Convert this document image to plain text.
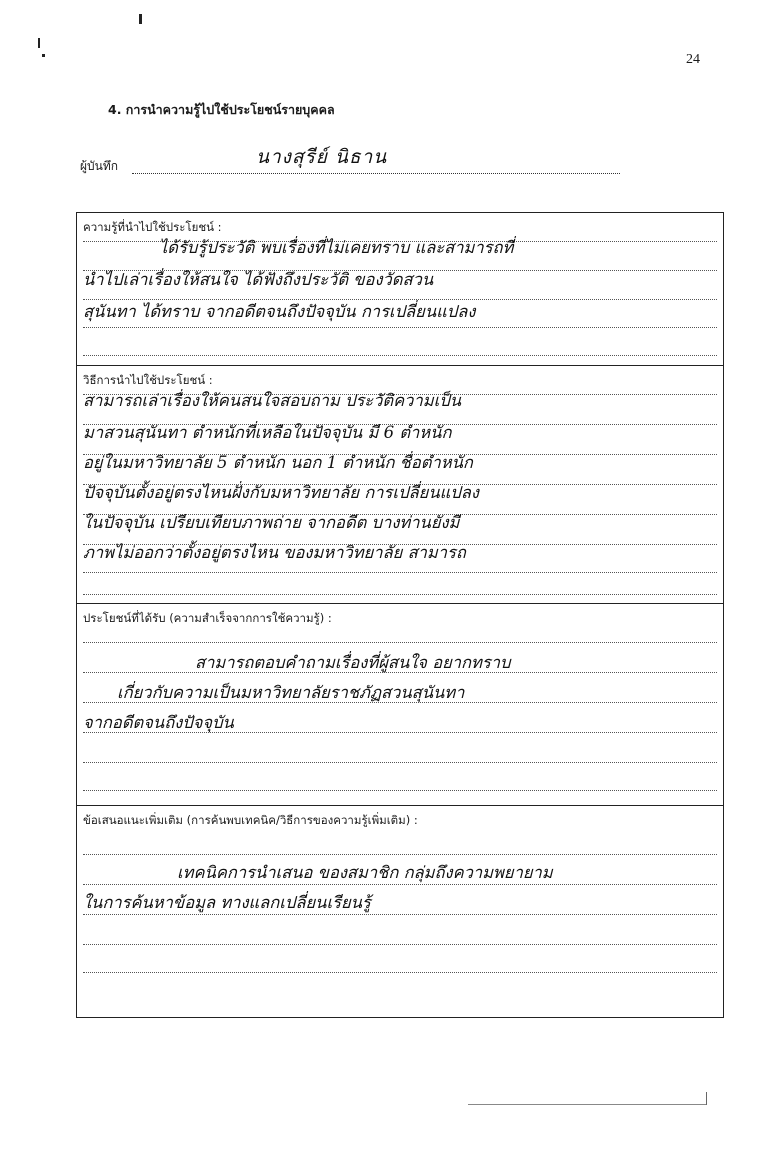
24
4. การนำความรู้ไปใช้ประโยชน์รายบุคคล
ผู้บันทึก	นางสุรีย์ นิธาน
ความรู้ที่นำไปใช้ประโยชน์ :
ได้รับรู้ประวัติ พบเรื่องที่ไม่เคยทราบ และสามารถที่
นำไปเล่าเรื่องให้สนใจ ได้ฟังถึงประวัติ ของวัดสวน
สุนันทา ได้ทราบ จากอดีตจนถึงปัจจุบัน การเปลี่ยนแปลง
วิธีการนำไปใช้ประโยชน์ :
สามารถเล่าเรื่องให้คนสนใจสอบถาม ประวัติความเป็น
มาสวนสุนันทา ตำหนักที่เหลือในปัจจุบัน มี 6 ตำหนัก
อยู่ในมหาวิทยาลัย 5 ตำหนัก นอก 1 ตำหนัก ชื่อตำหนัก
ปัจจุบันตั้งอยู่ตรงไหนฝั่งกับมหาวิทยาลัย การเปลี่ยนแปลง
ในปัจจุบัน เปรียบเทียบภาพถ่าย จากอดีต บางท่านยังมี
ภาพไม่ออกว่าตั้งอยู่ตรงไหน ของมหาวิทยาลัย สามารถ
ประโยชน์ที่ได้รับ (ความสำเร็จจากการใช้ความรู้) :
สามารถตอบคำถามเรื่องที่ผู้สนใจ อยากทราบ
เกี่ยวกับความเป็นมหาวิทยาลัยราชภัฏสวนสุนันทา
จากอดีตจนถึงปัจจุบัน
ข้อเสนอแนะเพิ่มเติม (การค้นพบเทคนิค/วิธีการของความรู้เพิ่มเติม) :
เทคนิคการนำเสนอ ของสมาชิก กลุ่มถึงความพยายาม
ในการค้นหาข้อมูล ทางแลกเปลี่ยนเรียนรู้
